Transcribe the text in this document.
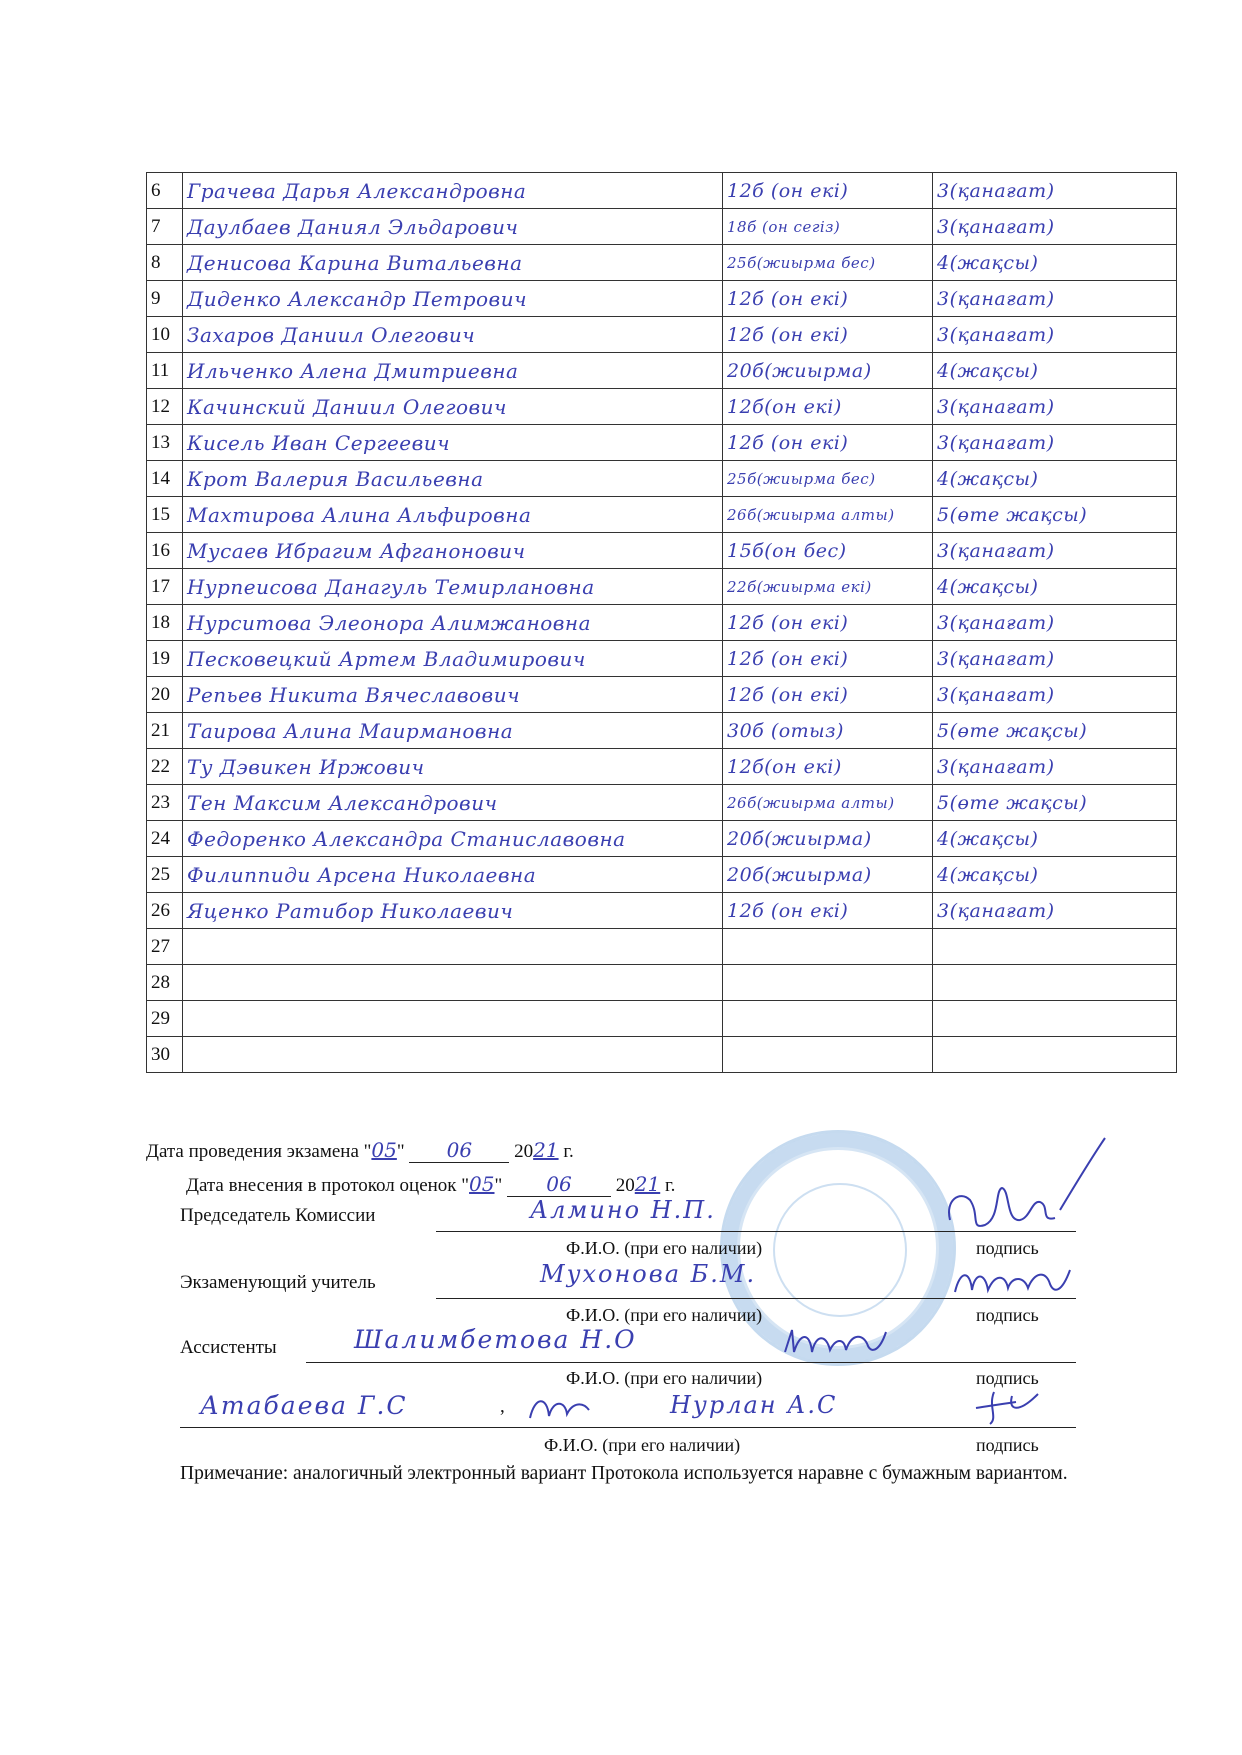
6	Грачева Дарья Александровна	12б (он екі)	3(қанағат)
7	Даулбаев Даниял Эльдарович	18б (он сегіз)	3(қанағат)
8	Денисова Карина Витальевна	25б(жиырма бес)	4(жақсы)
9	Диденко Александр Петрович	12б (он екі)	3(қанағат)
10	Захаров Даниил Олегович	12б (он екі)	3(қанағат)
11	Ильченко Алена Дмитриевна	20б(жиырма)	4(жақсы)
12	Качинский Даниил Олегович	12б(он екі)	3(қанағат)
13	Кисель Иван Сергеевич	12б (он екі)	3(қанағат)
14	Крот Валерия Васильевна	25б(жиырма бес)	4(жақсы)
15	Махтирова Алина Альфировна	26б(жиырма алты)	5(өте жақсы)
16	Мусаев Ибрагим Афганонович	15б(он бес)	3(қанағат)
17	Нурпеисова Данагуль Темирлановна	22б(жиырма екі)	4(жақсы)
18	Нурситова Элеонора Алимжановна	12б (он екі)	3(қанағат)
19	Песковецкий Артем Владимирович	12б (он екі)	3(қанағат)
20	Репьев Никита Вячеславович	12б (он екі)	3(қанағат)
21	Таирова Алина Маирмановна	30б (отыз)	5(өте жақсы)
22	Ту Дэвикен Иржович	12б(он екі)	3(қанағат)
23	Тен Максим Александрович	26б(жиырма алты)	5(өте жақсы)
24	Федоренко Александра Станиславовна	20б(жиырма)	4(жақсы)
25	Филиппиди Арсена Николаевна	20б(жиырма)	4(жақсы)
26	Яценко Ратибор Николаевич	12б (он екі)	3(қанағат)
27			
28			
29			
30			
Дата проведения экзамена "05" 06 2021 г.
Дата внесения в протокол оценок "05" 06 2021 г.
Председатель Комиссии	Алмино Н.П.
Ф.И.О. (при его наличии)	подпись
Экзаменующий учитель	Мухонова Б.М.
Ф.И.О. (при его наличии)	подпись
Ассистенты	Шалимбетова Н.О
Ф.И.О. (при его наличии)	подпись
Атабаева Г.С	,	Нурлан А.С
Ф.И.О. (при его наличии)	подпись
Примечание: аналогичный электронный вариант Протокола используется наравне с бумажным вариантом.
